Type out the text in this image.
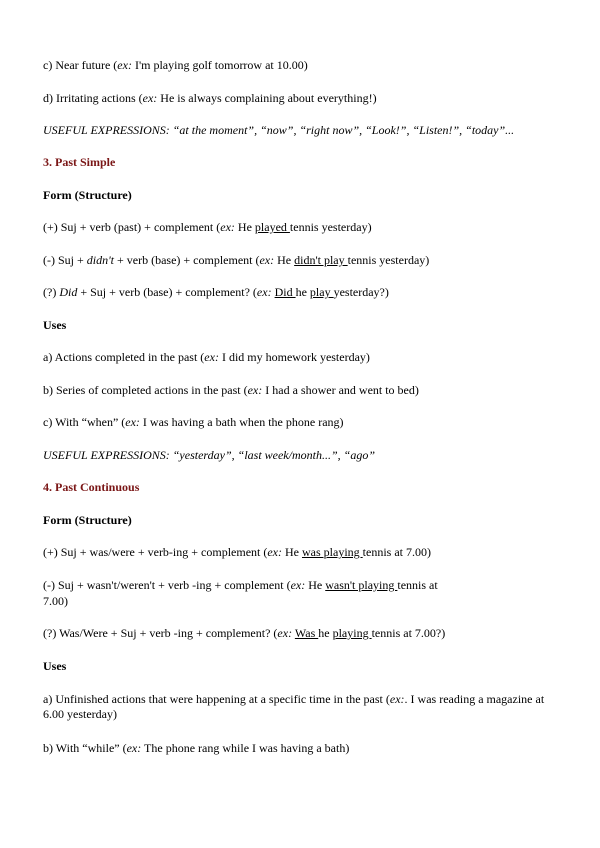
c) Near future (ex: I'm playing golf tomorrow at 10.00)
d) Irritating actions (ex: He is always complaining about everything!)
USEFUL EXPRESSIONS: “at the moment”, “now”, “right now”, “Look!”, “Listen!”, “today”...
3. Past Simple
Form (Structure)
(+) Suj + verb (past) + complement (ex: He played tennis yesterday)
(-) Suj + didn't + verb (base) + complement (ex: He didn't play tennis yesterday)
(?) Did + Suj + verb (base) + complement? (ex: Did he play yesterday?)
Uses
a) Actions completed in the past (ex: I did my homework yesterday)
b) Series of completed actions in the past (ex: I had a shower and went to bed)
c) With “when” (ex: I was having a bath when the phone rang)
USEFUL EXPRESSIONS: “yesterday”, “last week/month...”, “ago”
4. Past Continuous
Form (Structure)
(+) Suj + was/were + verb-ing + complement (ex: He was playing tennis at 7.00)
(-) Suj + wasn't/weren't + verb -ing + complement (ex: He wasn't playing tennis at
7.00)
(?) Was/Were + Suj + verb -ing + complement? (ex: Was he playing tennis at 7.00?)
Uses
a) Unfinished actions that were happening at a specific time in the past (ex:. I was reading a magazine at 6.00 yesterday)
b) With “while” (ex: The phone rang while I was having a bath)
